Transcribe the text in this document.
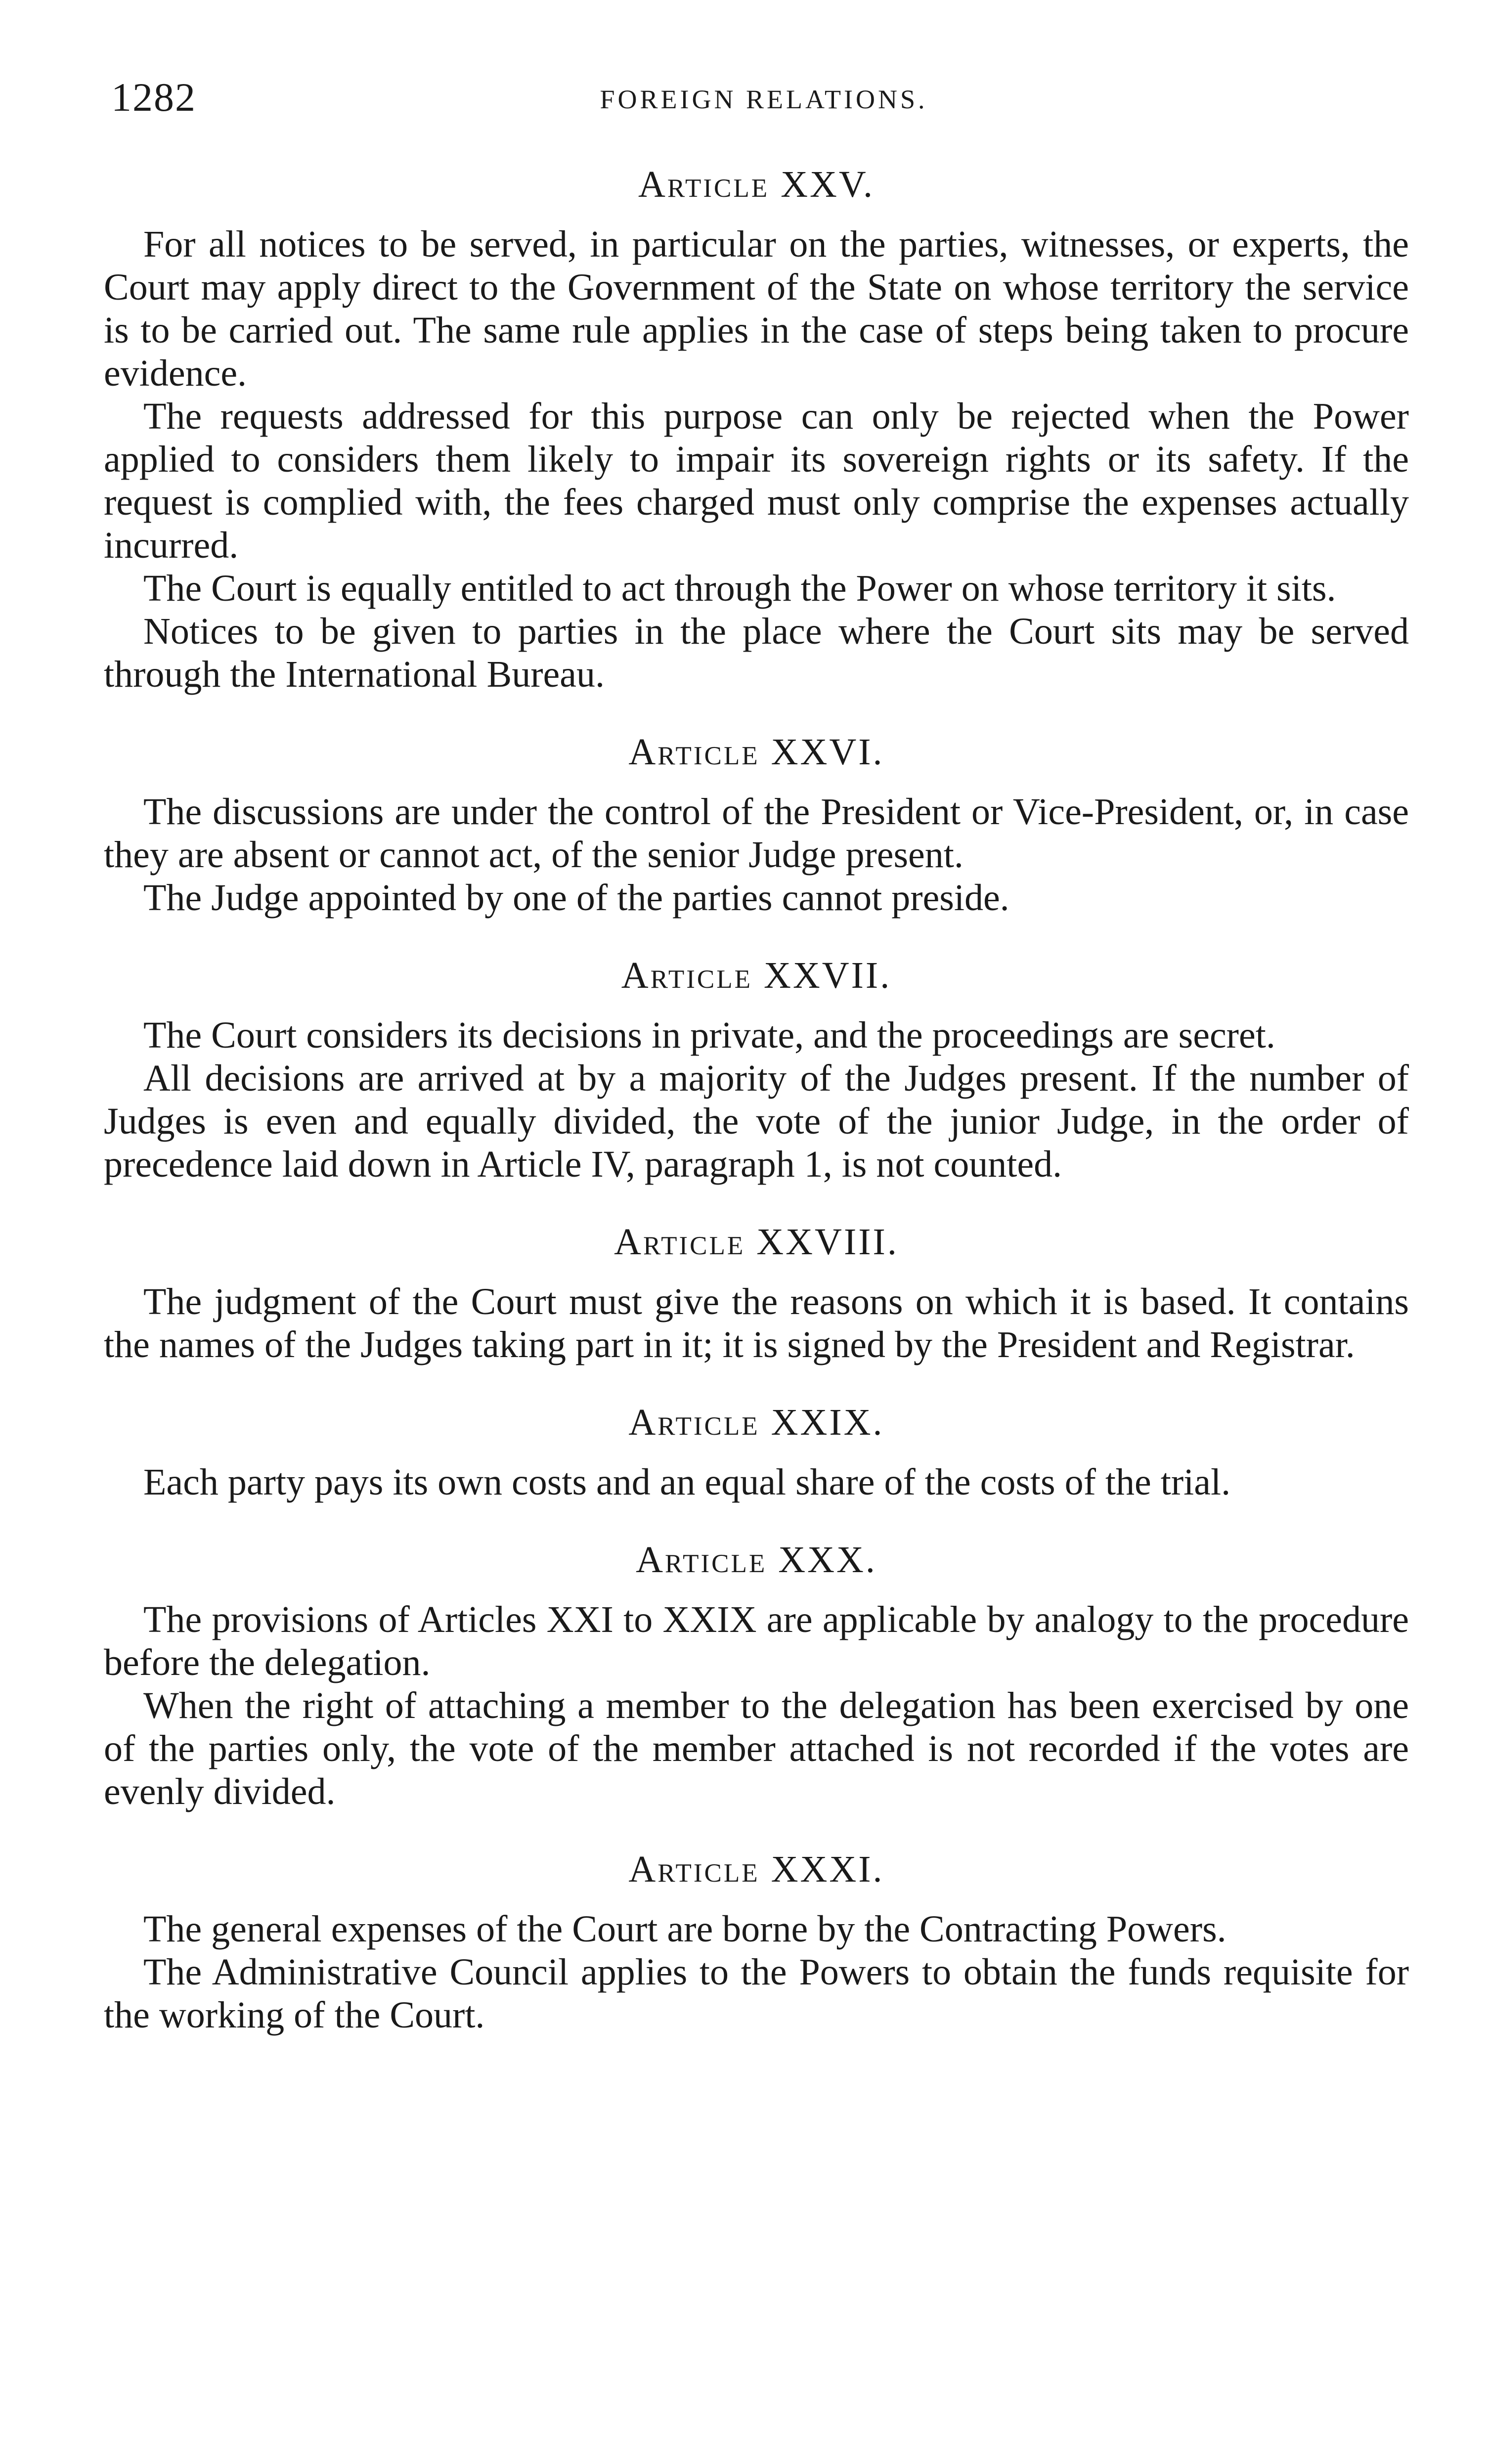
1282	FOREIGN RELATIONS.
Article XXV.

For all notices to be served, in particular on the parties, witnesses, or experts, the Court may apply direct to the Government of the State on whose territory the service is to be carried out. The same rule applies in the case of steps being taken to procure evidence.

The requests addressed for this purpose can only be rejected when the Power applied to considers them likely to impair its sovereign rights or its safety. If the request is complied with, the fees charged must only comprise the expenses actually incurred.

The Court is equally entitled to act through the Power on whose territory it sits.

Notices to be given to parties in the place where the Court sits may be served through the International Bureau.

Article XXVI.

The discussions are under the control of the President or Vice-President, or, in case they are absent or cannot act, of the senior Judge present.

The Judge appointed by one of the parties cannot preside.

Article XXVII.

The Court considers its decisions in private, and the proceedings are secret.

All decisions are arrived at by a majority of the Judges present. If the number of Judges is even and equally divided, the vote of the junior Judge, in the order of precedence laid down in Article IV, paragraph 1, is not counted.

Article XXVIII.

The judgment of the Court must give the reasons on which it is based. It contains the names of the Judges taking part in it; it is signed by the President and Registrar.

Article XXIX.

Each party pays its own costs and an equal share of the costs of the trial.

Article XXX.

The provisions of Articles XXI to XXIX are applicable by analogy to the procedure before the delegation.

When the right of attaching a member to the delegation has been exercised by one of the parties only, the vote of the member attached is not recorded if the votes are evenly divided.

Article XXXI.

The general expenses of the Court are borne by the Contracting Powers.

The Administrative Council applies to the Powers to obtain the funds requisite for the working of the Court.
